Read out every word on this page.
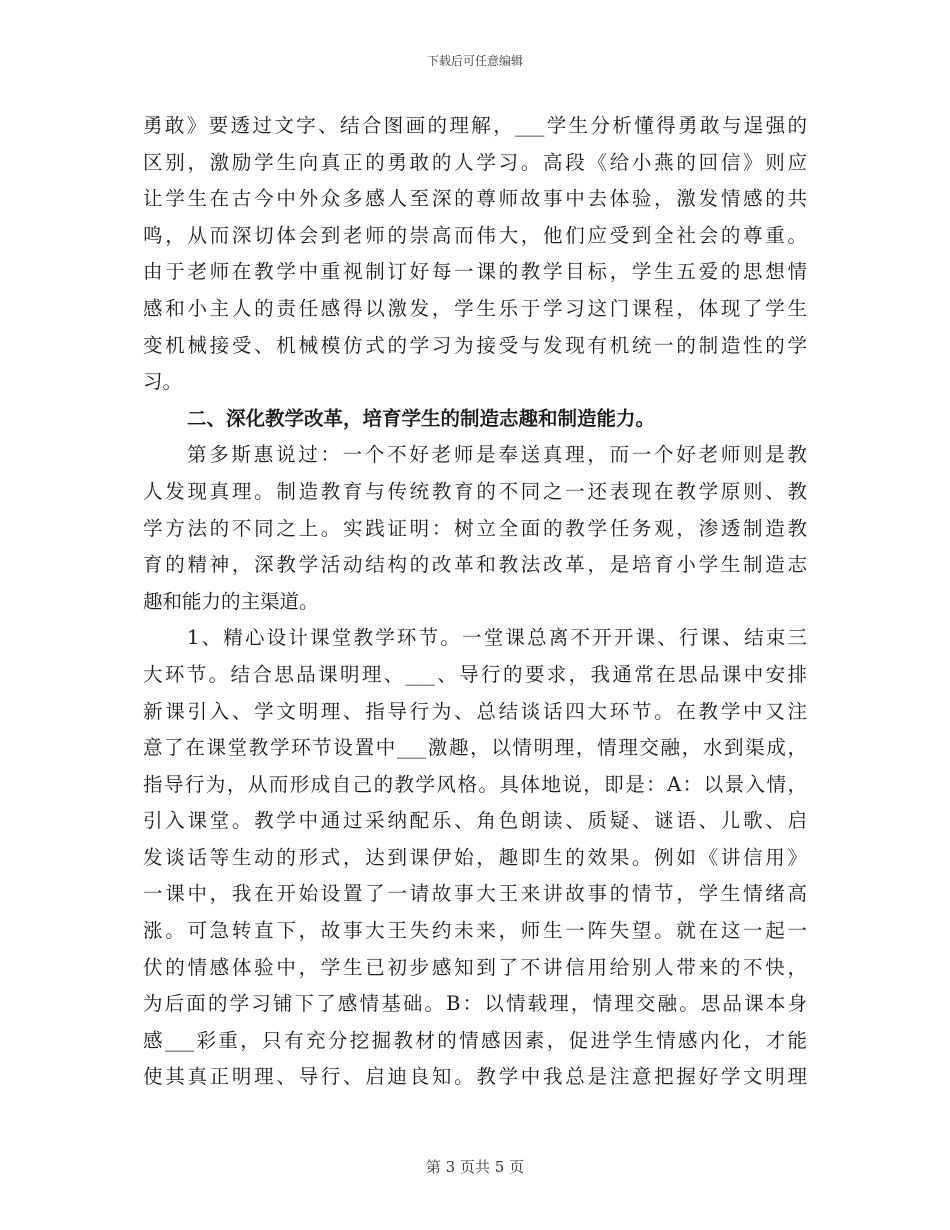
下载后可任意编辑
勇敢》要透过文字、结合图画的理解，___学生分析懂得勇敢与逞强的
区别，激励学生向真正的勇敢的人学习。高段《给小燕的回信》则应
让学生在古今中外众多感人至深的尊师故事中去体验，激发情感的共
鸣，从而深切体会到老师的崇高而伟大，他们应受到全社会的尊重。
由于老师在教学中重视制订好每一课的教学目标，学生五爱的思想情
感和小主人的责任感得以激发，学生乐于学习这门课程，体现了学生
变机械接受、机械模仿式的学习为接受与发现有机统一的制造性的学
习。
二、深化教学改革，培育学生的制造志趣和制造能力。
第多斯惠说过：一个不好老师是奉送真理，而一个好老师则是教
人发现真理。制造教育与传统教育的不同之一还表现在教学原则、教
学方法的不同之上。实践证明：树立全面的教学任务观，渗透制造教
育的精神，深教学活动结构的改革和教法改革，是培育小学生制造志
趣和能力的主渠道。
1、精心设计课堂教学环节。一堂课总离不开开课、行课、结束三
大环节。结合思品课明理、___、导行的要求，我通常在思品课中安排
新课引入、学文明理、指导行为、总结谈话四大环节。在教学中又注
意了在课堂教学环节设置中___激趣，以情明理，情理交融，水到渠成，
指导行为，从而形成自己的教学风格。具体地说，即是：A：以景入情，
引入课堂。教学中通过采纳配乐、角色朗读、质疑、谜语、儿歌、启
发谈话等生动的形式，达到课伊始，趣即生的效果。例如《讲信用》
一课中，我在开始设置了一请故事大王来讲故事的情节，学生情绪高
涨。可急转直下，故事大王失约未来，师生一阵失望。就在这一起一
伏的情感体验中，学生已初步感知到了不讲信用给别人带来的不快，
为后面的学习铺下了感情基础。B：以情载理，情理交融。思品课本身
感___彩重，只有充分挖掘教材的情感因素，促进学生情感内化，才能
使其真正明理、导行、启迪良知。教学中我总是注意把握好学文明理
第 3 页共 5 页
